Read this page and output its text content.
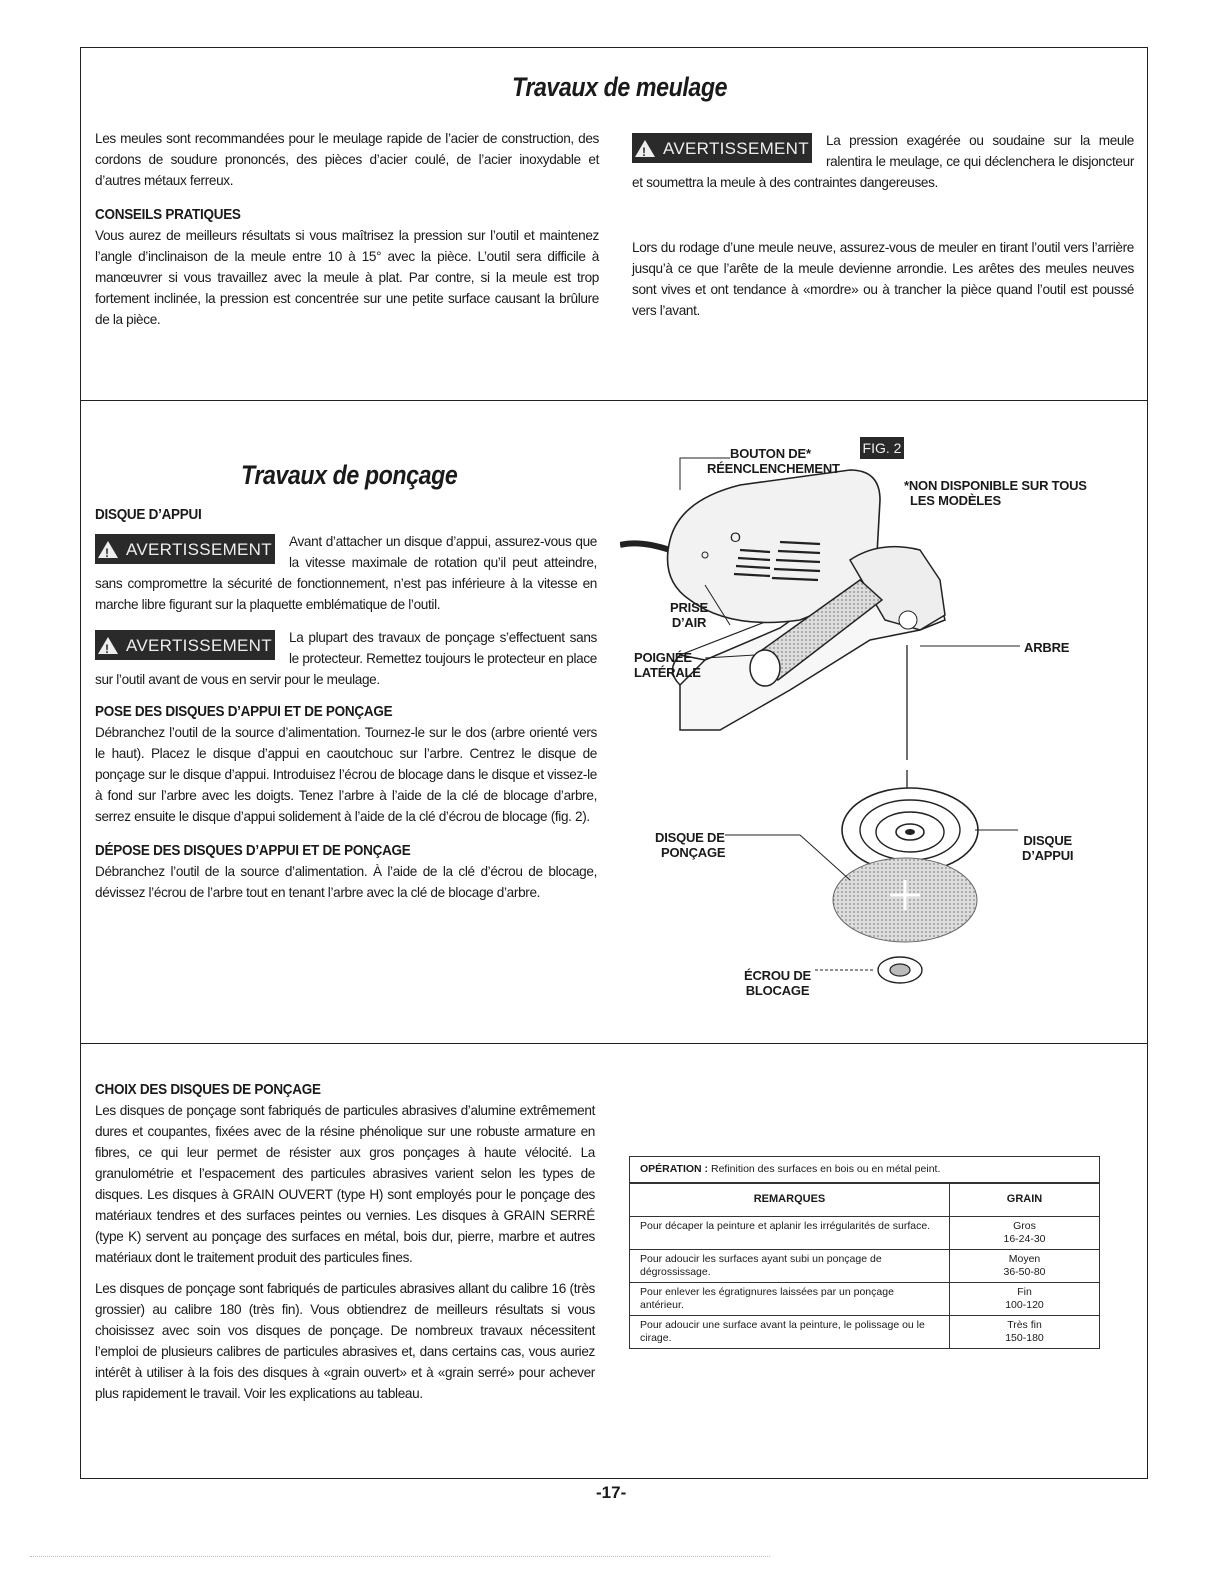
Travaux de meulage

Les meules sont recommandées pour le meulage rapide de l’acier de construction, des cordons de soudure prononcés, des pièces d’acier coulé, de l’acier inoxydable et d’autres métaux ferreux.

CONSEILS PRATIQUES

Vous aurez de meilleurs résultats si vous maîtrisez la pression sur l’outil et maintenez l’angle d’inclinaison de la meule entre 10 à 15° avec la pièce. L’outil sera difficile à manœuvrer si vous travaillez avec la meule à plat. Par contre, si la meule est trop fortement inclinée, la pression est concentrée sur une petite surface causant la brûlure de la pièce.

!
AVERTISSEMENT La pression exagérée ou soudaine sur la meule ralentira le meulage, ce qui déclenchera le disjoncteur et soumettra la meule à des contraintes dangereuses.

Lors du rodage d’une meule neuve, assurez-vous de meuler en tirant l’outil vers l’arrière jusqu’à ce que l’arête de la meule devienne arrondie. Les arêtes des meules neuves sont vives et ont tendance à «mordre» ou à trancher la pièce quand l’outil est poussé vers l’avant.

Travaux de ponçage
DISQUE D’APPUI
!
AVERTISSEMENT Avant d’attacher un disque d’appui, assurez-vous que la vitesse maximale de rotation qu’il peut atteindre, sans compromettre la sécurité de fonctionnement, n’est pas inférieure à la vitesse en marche libre figurant sur la plaquette emblématique de l’outil.
!
AVERTISSEMENT La plupart des travaux de ponçage s’effectuent sans le protecteur. Remettez toujours le protecteur en place sur l’outil avant de vous en servir pour le meulage.
POSE DES DISQUES D’APPUI ET DE PONÇAGE

Débranchez l’outil de la source d’alimentation. Tournez-le sur le dos (arbre orienté vers le haut). Placez le disque d’appui en caoutchouc sur l’arbre. Centrez le disque de ponçage sur le disque d’appui. Introduisez l’écrou de blocage dans le disque et vissez-le à fond sur l’arbre avec les doigts. Tenez l’arbre à l’aide de la clé de blocage d’arbre, serrez ensuite le disque d’appui solidement à l’aide de la clé d’écrou de blocage (fig. 2).

DÉPOSE DES DISQUES D’APPUI ET DE PONÇAGE

Débranchez l’outil de la source d’alimentation. À l’aide de la clé d’écrou de blocage, dévissez l’écrou de l’arbre tout en tenant l’arbre avec la clé de blocage d’arbre.

O
FIG. 2
BOUTON DE*
RÉENCLENCHEMENT
*NON DISPONIBLE SUR TOUS
LES MODÈLES
PRISE
D’AIR
POIGNÉE
LATÉRALE
ARBRE
DISQUE DE
PONÇAGE
DISQUE
D’APPUI
ÉCROU DE
BLOCAGE
CHOIX DES DISQUES DE PONÇAGE

Les disques de ponçage sont fabriqués de particules abrasives d’alumine extrêmement dures et coupantes, fixées avec de la résine phénolique sur une robuste armature en fibres, ce qui leur permet de résister aux gros ponçages à haute vélocité. La granulométrie et l’espacement des particules abrasives varient selon les types de disques. Les disques à GRAIN OUVERT (type H) sont employés pour le ponçage des matériaux tendres et des surfaces peintes ou vernies. Les disques à GRAIN SERRÉ (type K) servent au ponçage des surfaces en métal, bois dur, pierre, marbre et autres matériaux dont le traitement produit des particules fines.

Les disques de ponçage sont fabriqués de particules abrasives allant du calibre 16 (très grossier) au calibre 180 (très fin). Vous obtiendrez de meilleurs résultats si vous choisissez avec soin vos disques de ponçage. De nombreux travaux nécessitent l’emploi de plusieurs calibres de particules abrasives et, dans certains cas, vous auriez intérêt à utiliser à la fois des disques à «grain ouvert» et à «grain serré» pour achever plus rapidement le travail. Voir les explications au tableau.

OPÉRATION : Refinition des surfaces en bois ou en métal peint.	
REMARQUES	GRAIN
Pour décaper la peinture et aplanir les irrégularités de surface.	Gros
16-24-30

Pour adoucir les surfaces ayant subi un ponçage de dégrossissage.	Moyen
36-50-80

Pour enlever les égratignures laissées par un ponçage antérieur.	Fin
100-120

Pour adoucir une surface avant la peinture, le polissage ou le cirage.	Très fin
150-180
-17-
